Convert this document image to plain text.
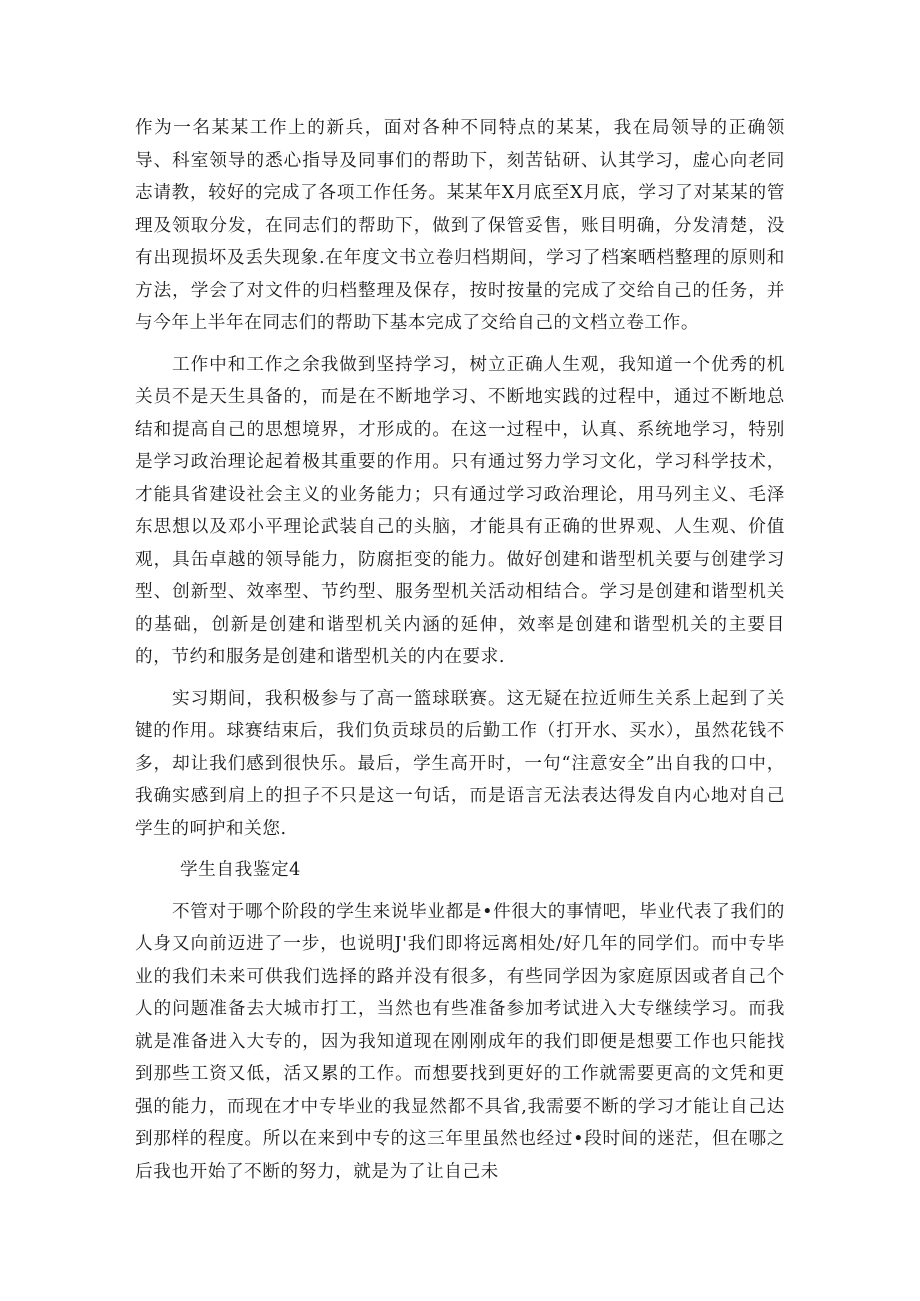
作为一名某某工作上的新兵，面对各种不同特点的某某，我在局领导的正确领导、科室领导的悉心指导及同事们的帮助下，刻苦钻研、认其学习，虚心向老同志请教，较好的完成了各项工作任务。某某年X月底至X月底，学习了对某某的管理及领取分发，在同志们的帮助下，做到了保管妥售，账目明确，分发清楚，没有出现损坏及丢失现象.在年度文书立卷归档期间，学习了档案晒档整理的原则和方法，学会了对文件的归档整理及保存，按时按量的完成了交给自己的任务，并与今年上半年在同志们的帮助下基本完成了交给自己的文档立卷工作。

工作中和工作之余我做到坚持学习，树立正确人生观，我知道一个优秀的机关员不是天生具备的，而是在不断地学习、不断地实践的过程中，通过不断地总结和提高自己的思想境界，才形成的。在这一过程中，认真、系统地学习，特别是学习政治理论起着极其重要的作用。只有通过努力学习文化，学习科学技术，才能具省建设社会主义的业务能力；只有通过学习政治理论，用马列主义、毛泽东思想以及邓小平理论武装自己的头脑，才能具有正确的世界观、人生观、价值观，具缶卓越的领导能力，防腐拒变的能力。做好创建和谐型机关要与创建学习型、创新型、效率型、节约型、服务型机关活动相结合。学习是创建和谐型机关的基础，创新是创建和谐型机关内涵的延伸，效率是创建和谐型机关的主要目的，节约和服务是创建和谐型机关的内在要求.

实习期间，我积极参与了高一篮球联赛。这无疑在拉近师生关系上起到了关键的作用。球赛结束后，我们负贡球员的后勤工作（打开水、买水），虽然花钱不多，却让我们感到很快乐。最后，学生高开时，一句“注意安全”出自我的口中，我确实感到肩上的担子不只是这一句话，而是语言无法表达得发自内心地对自己学生的呵护和关您.

学生自我鉴定4

不管对于哪个阶段的学生来说毕业都是•件很大的事情吧，毕业代表了我们的人身又向前迈进了一步，也说明J'我们即将远离相处/好几年的同学们。而中专毕业的我们未来可供我们选择的路并没有很多，有些同学因为家庭原因或者自己个人的问题准备去大城市打工，当然也有些准备参加考试进入大专继续学习。而我就是准备进入大专的，因为我知道现在刚刚成年的我们即便是想要工作也只能找到那些工资又低，活又累的工作。而想要找到更好的工作就需要更高的文凭和更强的能力，而现在才中专毕业的我显然都不具省,我需要不断的学习才能让自己达到那样的程度。所以在来到中专的这三年里虽然也经过•段时间的迷茫，但在哪之后我也开始了不断的努力，就是为了让自己未
